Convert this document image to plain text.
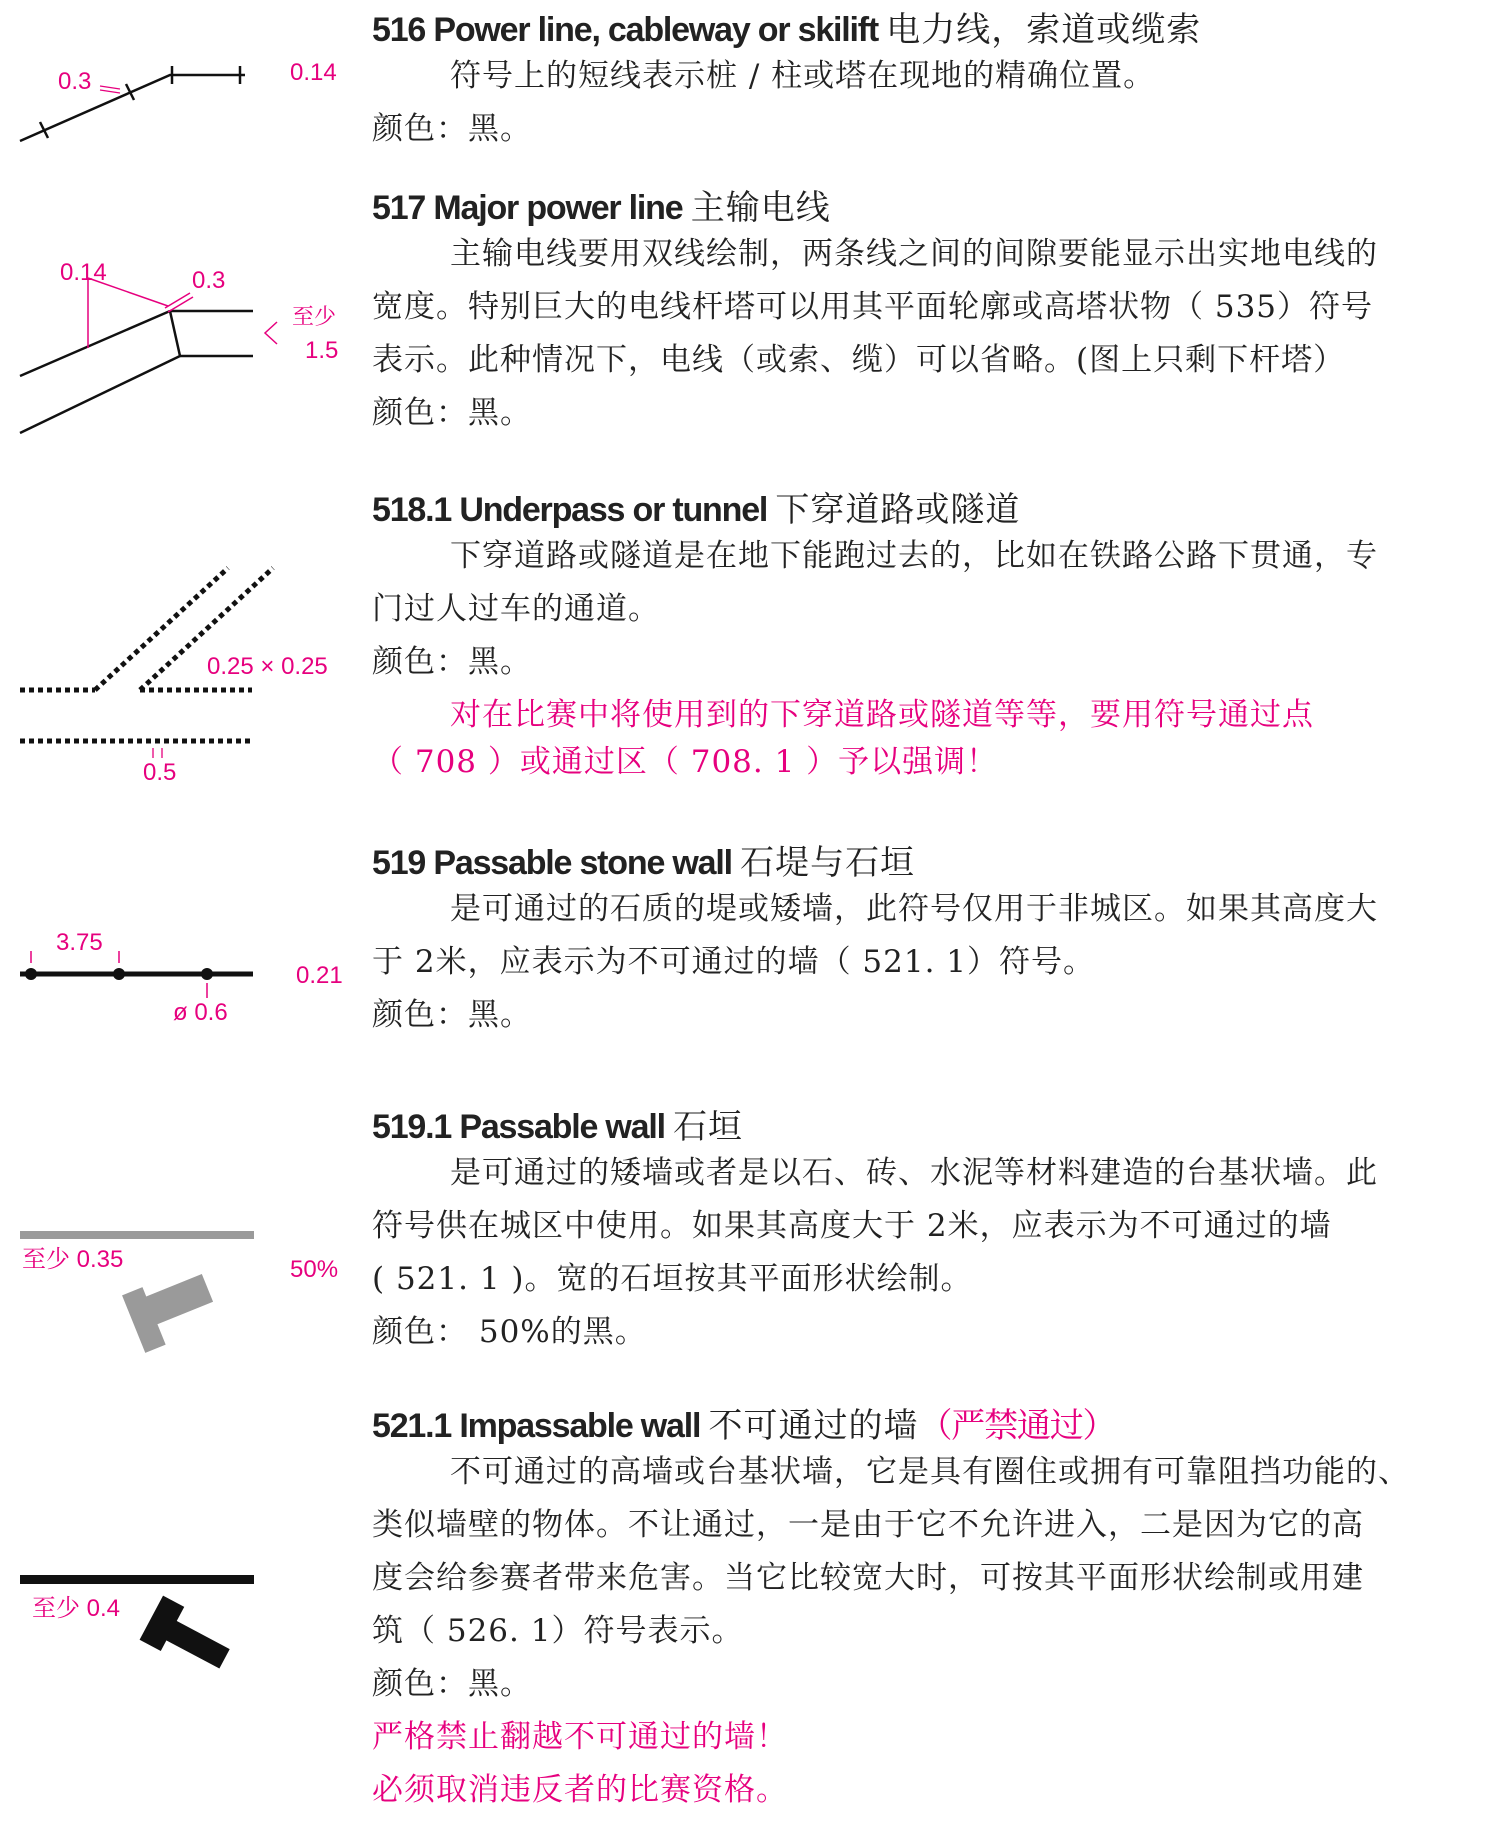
0.3	0.14
516 Power line, cableway or skilift 电力线，索道或缆索

符号上的短线表示桩 / 柱或塔在现地的精确位置。

颜色：黑。

0.14	0.3
至少
1.5
517 Major power line 主输电线

主输电线要用双线绘制，两条线之间的间隙要能显示出实地电线的

宽度。特别巨大的电线杆塔可以用其平面轮廓或高塔状物（ 535）符号

表示。此种情况下，电线（或索、缆）可以省略。(图上只剩下杆塔）

颜色：黑。

0.25 × 0.25
0.5
518.1 Underpass or tunnel 下穿道路或隧道

下穿道路或隧道是在地下能跑过去的，比如在铁路公路下贯通，专

门过人过车的通道。

颜色：黑。

对在比赛中将使用到的下穿道路或隧道等等，要用符号通过点

（ 708 ）或通过区（ 708. 1 ）予以强调！

3.75
0.21
ø 0.6
519 Passable stone wall 石堤与石垣

是可通过的石质的堤或矮墙，此符号仅用于非城区。如果其高度大

于 2米，应表示为不可通过的墙（ 521. 1）符号。

颜色：黑。

至少 0.35	50%
519.1 Passable wall 石垣

是可通过的矮墙或者是以石、砖、水泥等材料建造的台基状墙。此

符号供在城区中使用。如果其高度大于 2米，应表示为不可通过的墙

( 521. 1 )。宽的石垣按其平面形状绘制。

颜色： 50%的黑。

至少 0.4
521.1 Impassable wall 不可通过的墙（严禁通过）

不可通过的高墙或台基状墙，它是具有圈住或拥有可靠阻挡功能的、

类似墙壁的物体。不让通过，一是由于它不允许进入，二是因为它的高

度会给参赛者带来危害。当它比较宽大时，可按其平面形状绘制或用建

筑（ 526. 1）符号表示。

颜色：黑。

严格禁止翻越不可通过的墙！

必须取消违反者的比赛资格。
